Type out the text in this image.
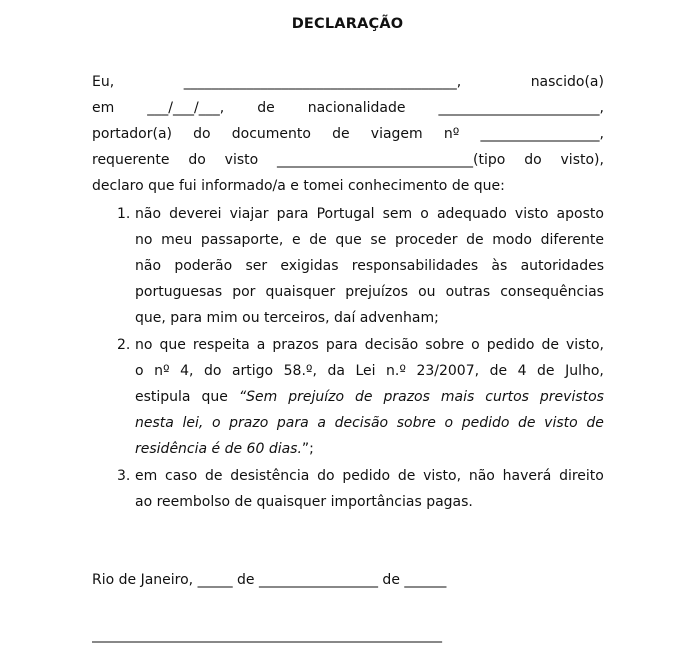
DECLARAÇÃO
Eu,	_______________________________________,	nascido(a)
em ___/___/___, de nacionalidade _______________________,
portador(a) do documento de viagem nº _________________,
requerente do visto ____________________________(tipo do visto),
declaro que fui informado/a e tomei conhecimento de que:
1. não deverei viajar para Portugal sem o adequado visto aposto
no meu passaporte, e de que se proceder de modo diferente
não poderão ser exigidas responsabilidades às autoridades
portuguesas por quaisquer prejuízos ou outras consequências
que, para mim ou terceiros, daí advenham;
2. no que respeita a prazos para decisão sobre o pedido de visto,
o nº 4, do artigo 58.º, da Lei n.º 23/2007, de 4 de Julho,
estipula que “Sem prejuízo de prazos mais curtos previstos
nesta lei, o prazo para a decisão sobre o pedido de visto de
residência é de 60 dias. ”;
3. em caso de desistência do pedido de visto, não haverá direito
ao reembolso de quaisquer importâncias pagas.
Rio de Janeiro, _____ de _________________ de ______
__________________________________________________
